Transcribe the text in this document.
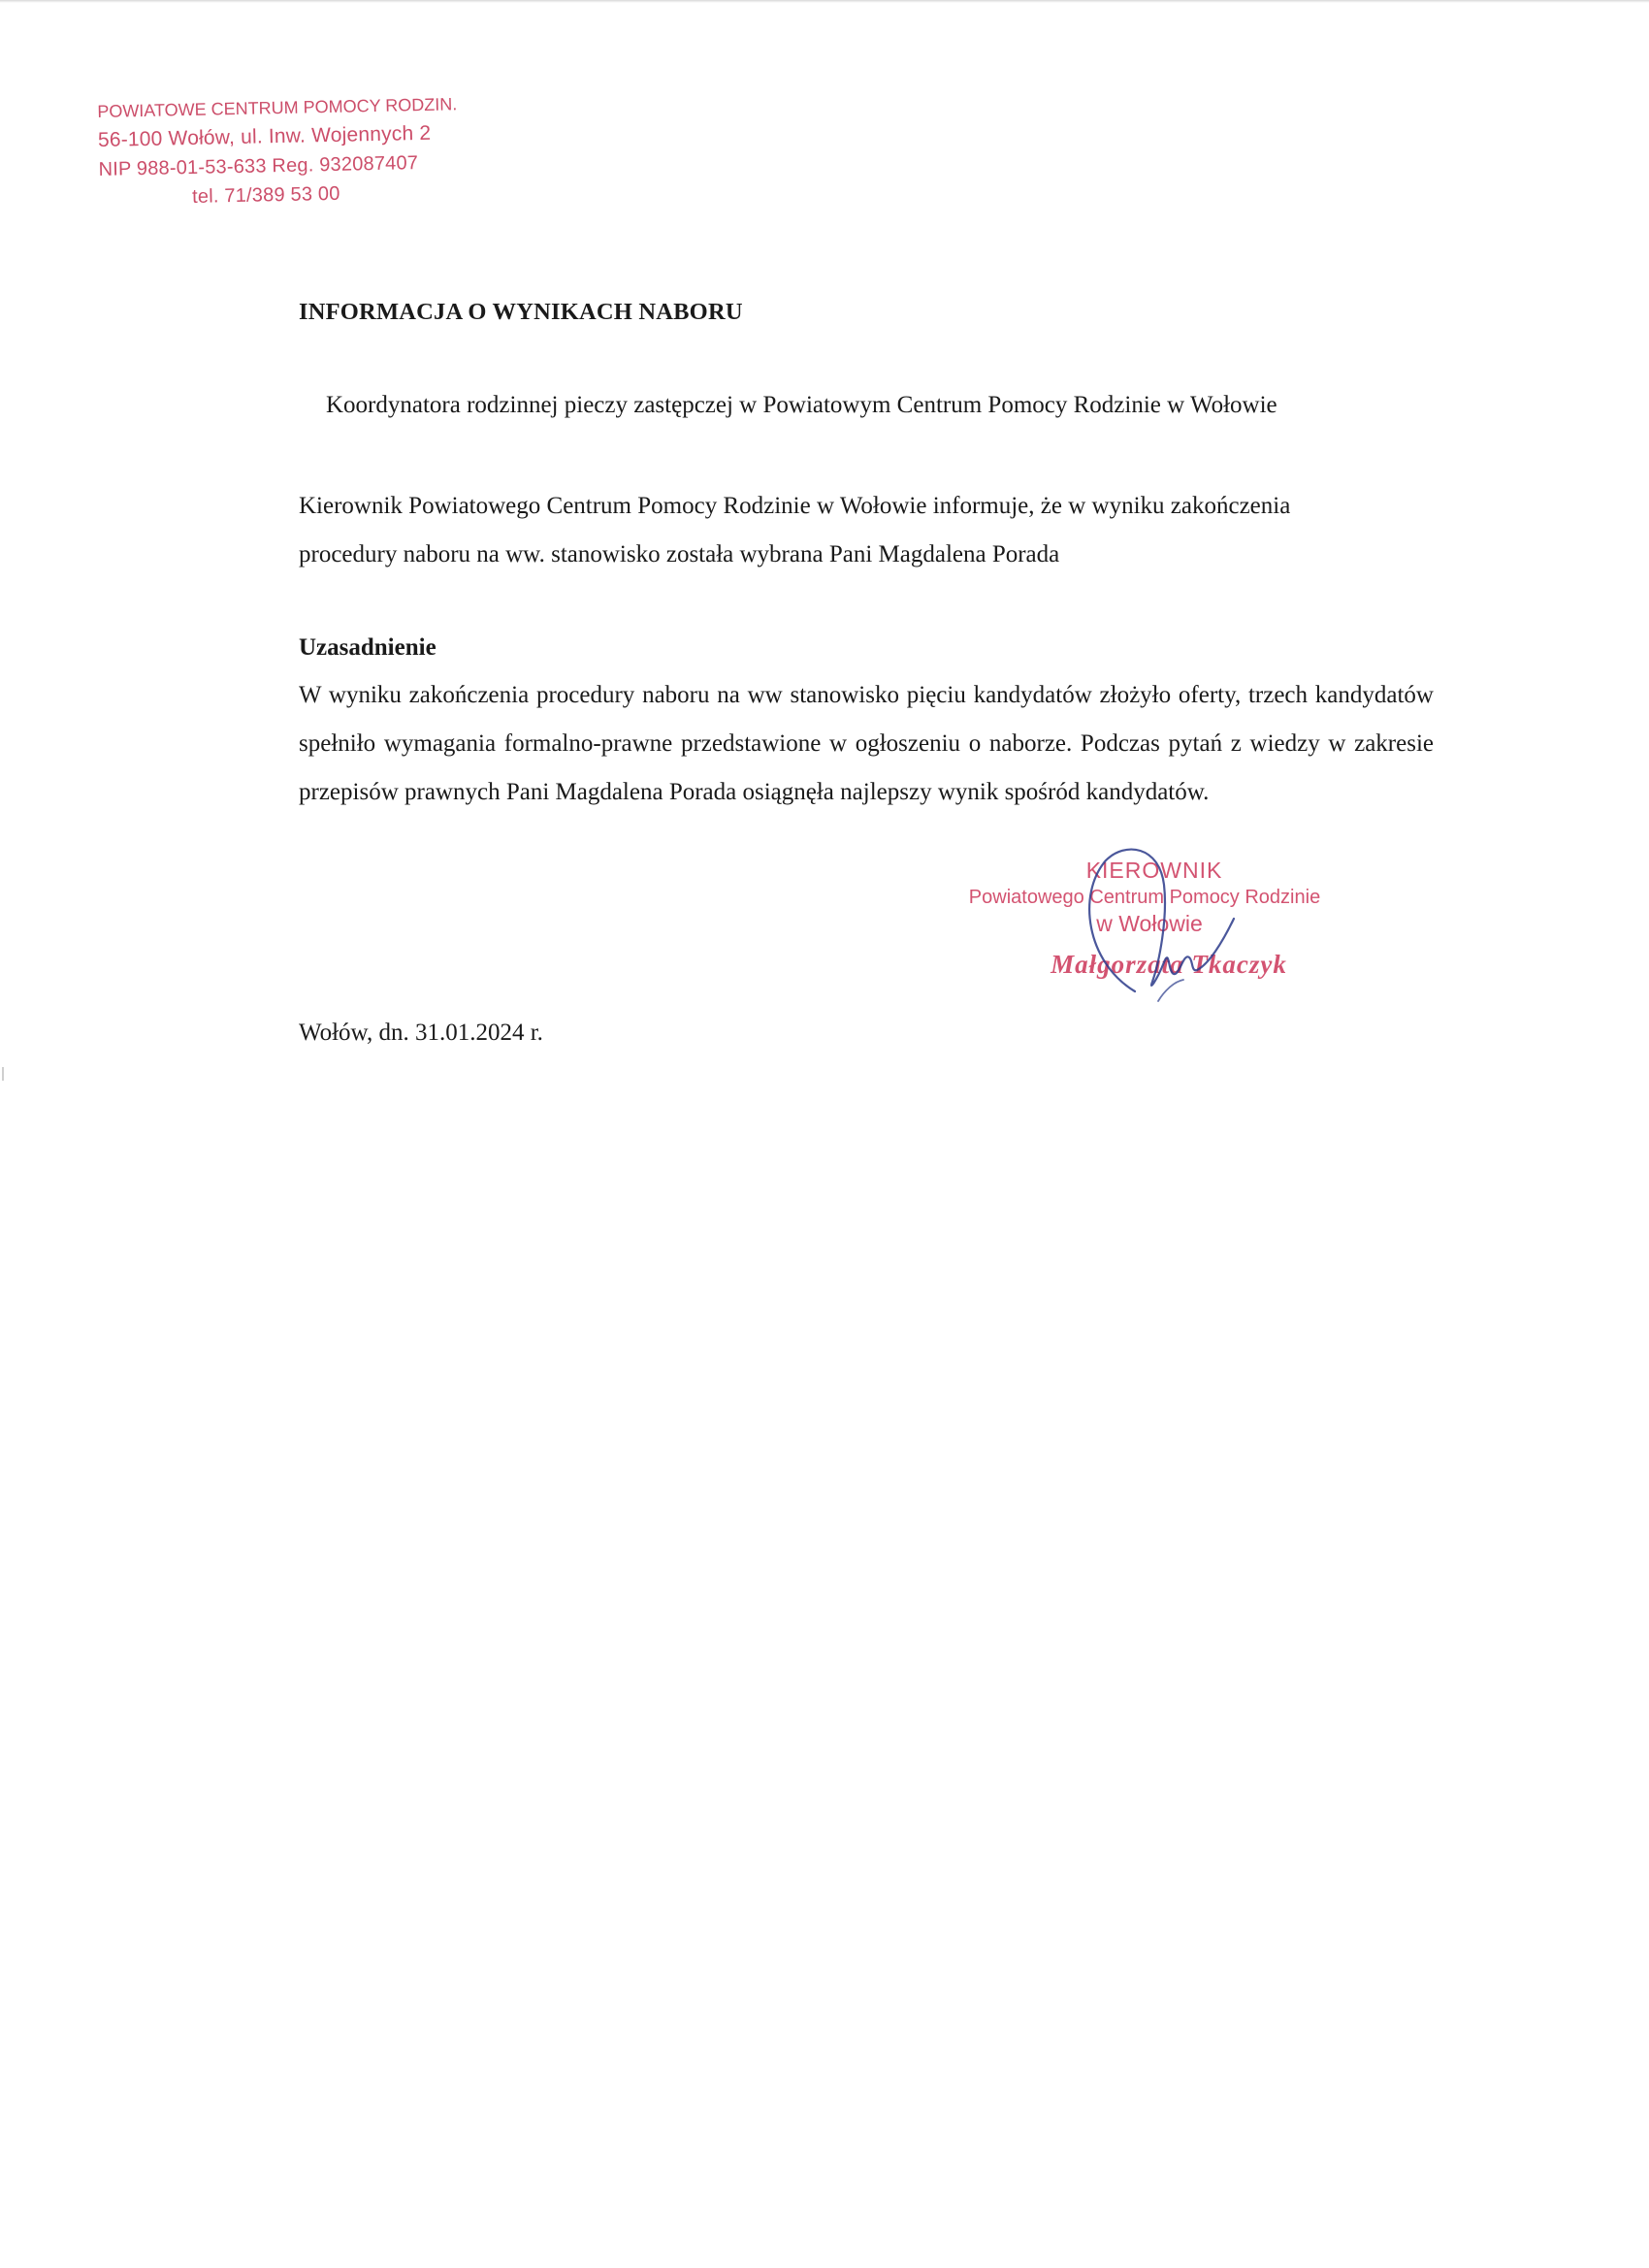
POWIATOWE CENTRUM POMOCY RODZIN.
56-100 Wołów, ul. Inw. Wojennych 2
NIP 988-01-53-633 Reg. 932087407
tel. 71/389 53 00
INFORMACJA O WYNIKACH NABORU
Koordynatora rodzinnej pieczy zastępczej w Powiatowym Centrum Pomocy Rodzinie w Wołowie
Kierownik Powiatowego Centrum Pomocy Rodzinie w Wołowie informuje, że w wyniku zakończenia
procedury naboru na ww. stanowisko została wybrana Pani Magdalena Porada
Uzasadnienie
W wyniku zakończenia procedury naboru na ww stanowisko pięciu kandydatów złożyło oferty, trzech kandydatów spełniło wymagania formalno-prawne przedstawione w ogłoszeniu o naborze. Podczas pytań z wiedzy w zakresie przepisów prawnych Pani Magdalena Porada osiągnęła najlepszy wynik spośród kandydatów.
KIEROWNIK
Powiatowego Centrum Pomocy Rodzinie
w Wołowie
Małgorzata Tkaczyk
Wołów, dn. 31.01.2024 r.
